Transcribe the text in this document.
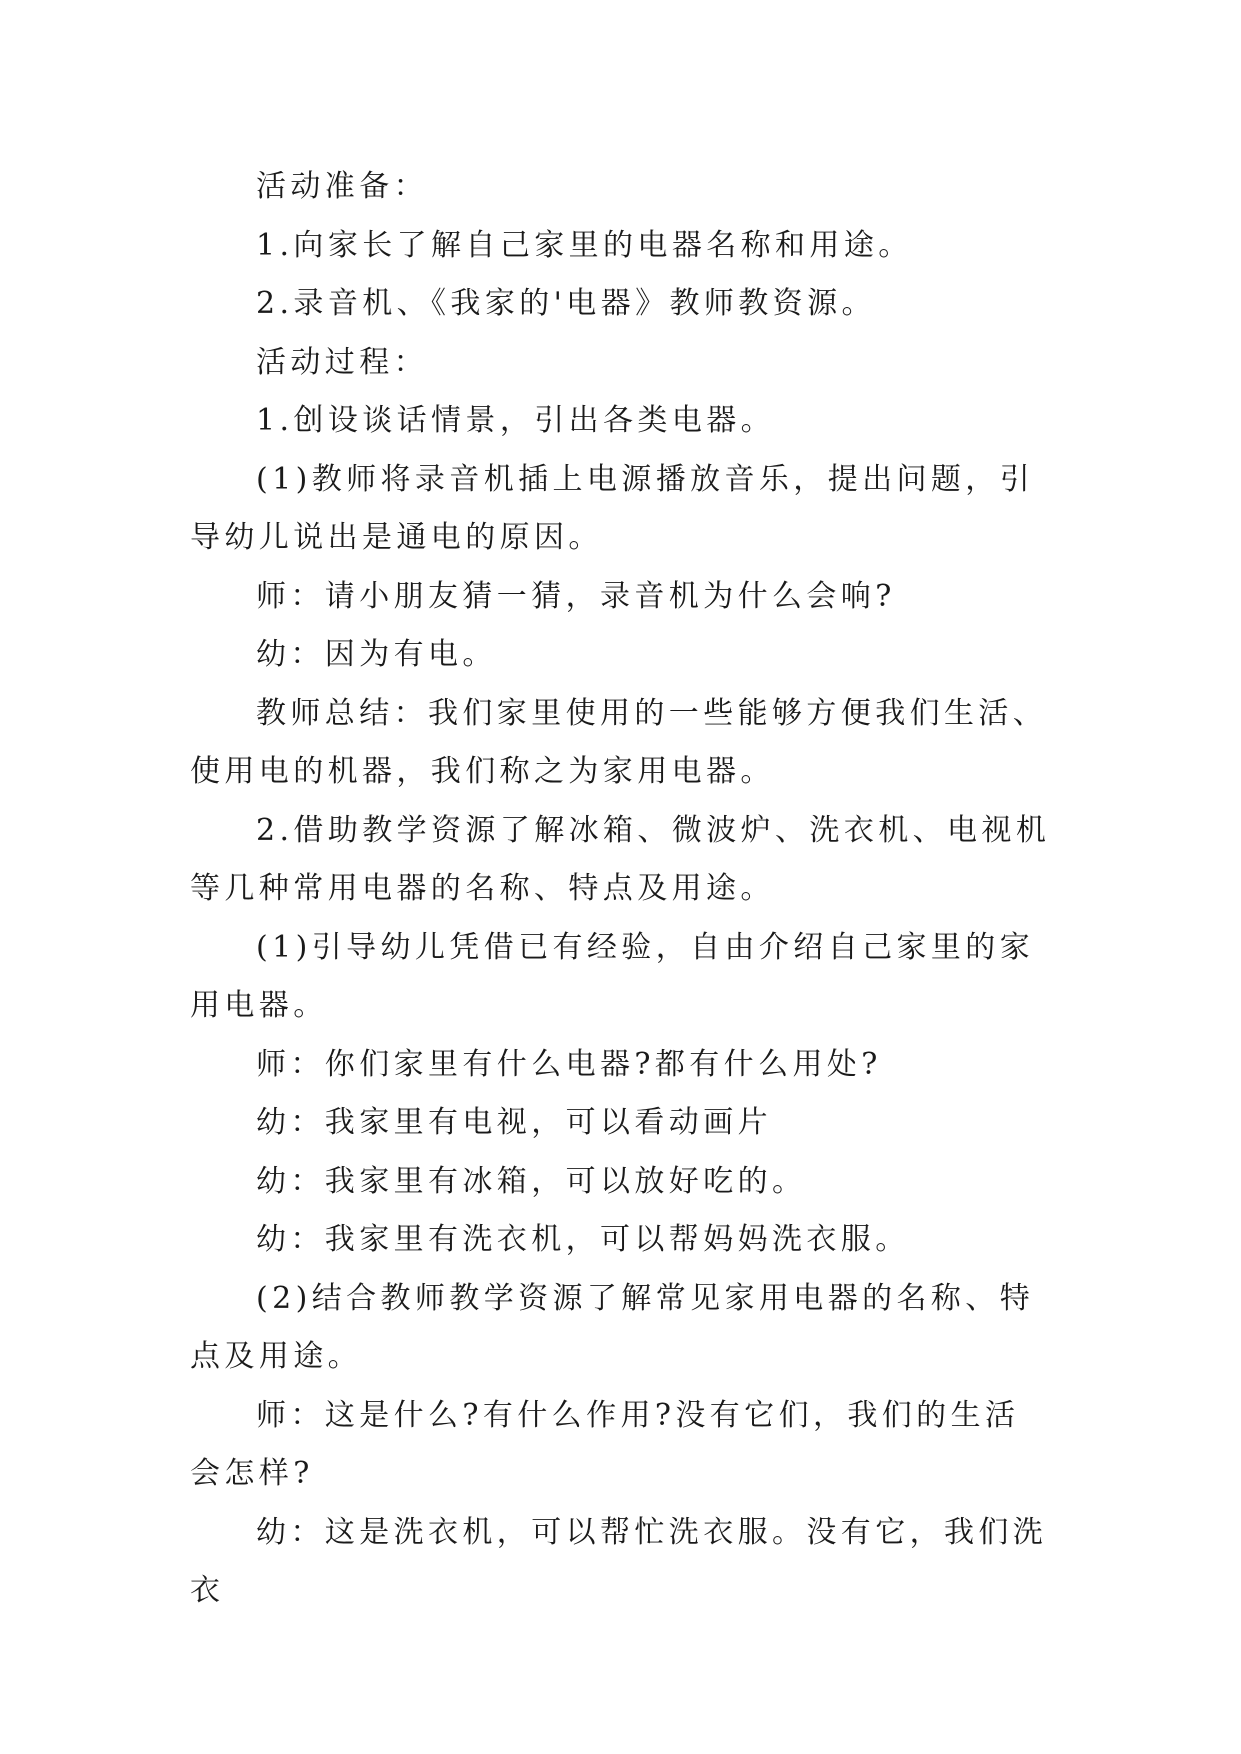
活动准备：

1.向家长了解自己家里的电器名称和用途。

2.录音机、《我家的'电器》教师教资源。

活动过程：

1.创设谈话情景，引出各类电器。

(1)教师将录音机插上电源播放音乐，提出问题，引导幼儿说出是通电的原因。

师：请小朋友猜一猜，录音机为什么会响?

幼：因为有电。

教师总结：我们家里使用的一些能够方便我们生活、使用电的机器，我们称之为家用电器。

2.借助教学资源了解冰箱、微波炉、洗衣机、电视机等几种常用电器的名称、特点及用途。

(1)引导幼儿凭借已有经验，自由介绍自己家里的家用电器。

师：你们家里有什么电器?都有什么用处?

幼：我家里有电视，可以看动画片

幼：我家里有冰箱，可以放好吃的。

幼：我家里有洗衣机，可以帮妈妈洗衣服。

(2)结合教师教学资源了解常见家用电器的名称、特点及用途。

师：这是什么?有什么作用?没有它们，我们的生活会怎样?

幼：这是洗衣机，可以帮忙洗衣服。没有它，我们洗衣
